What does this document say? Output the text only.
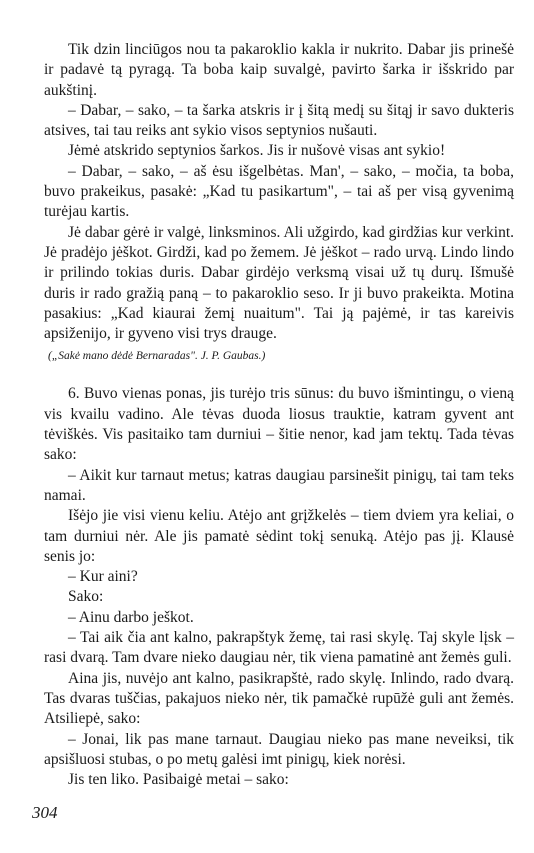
Tik dzin linciūgos nou ta pakaroklio kakla ir nukrito. Dabar jis prinešė ir padavė tą pyragą. Ta boba kaip suvalgė, pavirto šarka ir išskrido par aukštinį.

– Dabar, – sako, – ta šarka atskris ir į šitą medį su šitąj ir savo dukteris atsives, tai tau reiks ant sykio visos septynios nušauti.

Jėmė atskrido septynios šarkos. Jis ir nušovė visas ant sykio!

– Dabar, – sako, – aš ėsu išgelbėtas. Man', – sako, – močia, ta boba, buvo prakeikus, pasakė: „Kad tu pasikartum", – tai aš per visą gyvenimą turėjau kartis.

Jė dabar gėrė ir valgė, linksminos. Ali užgirdo, kad girdžias kur verkint. Jė pradėjo jėškot. Girdži, kad po žemem. Jė jėškot – rado urvą. Lindo lindo ir prilindo tokias duris. Dabar girdėjo verksmą visai už tų durų. Išmušė duris ir rado gražią paną – to pakaroklio seso. Ir ji buvo prakeikta. Motina pasakius: „Kad kiaurai žemį nuaitum". Tai ją pajėmė, ir tas kareivis apsiženijo, ir gyveno visi trys drauge.

(„Sakė mano dėdė Bernaradas". J. P. Gaubas.)

6. Buvo vienas ponas, jis turėjo tris sūnus: du buvo išmintingu, o vieną vis kvailu vadino. Ale tėvas duoda liosus trauktie, katram gyvent ant tėviškės. Vis pasitaiko tam durniui – šitie nenor, kad jam tektų. Tada tėvas sako:

– Aikit kur tarnaut metus; katras daugiau parsinešit pinigų, tai tam teks namai.

Išėjo jie visi vienu keliu. Atėjo ant grįžkelės – tiem dviem yra keliai, o tam durniui nėr. Ale jis pamatė sėdint tokį senuką. Atėjo pas jį. Klausė senis jo:

– Kur aini?

Sako:

– Ainu darbo ješkot.

– Tai aik čia ant kalno, pakrapštyk žemę, tai rasi skylę. Taj skyle lįsk – rasi dvarą. Tam dvare nieko daugiau nėr, tik viena pamatinė ant žemės guli.

Aina jis, nuvėjo ant kalno, pasikrapštė, rado skylę. Inlindo, rado dvarą. Tas dvaras tuščias, pakajuos nieko nėr, tik pamačkė rupūžė guli ant žemės. Atsiliepė, sako:

– Jonai, lik pas mane tarnaut. Daugiau nieko pas mane neveiksi, tik apsišluosi stubas, o po metų galėsi imt pinigų, kiek norėsi.

Jis ten liko. Pasibaigė metai – sako:

304
